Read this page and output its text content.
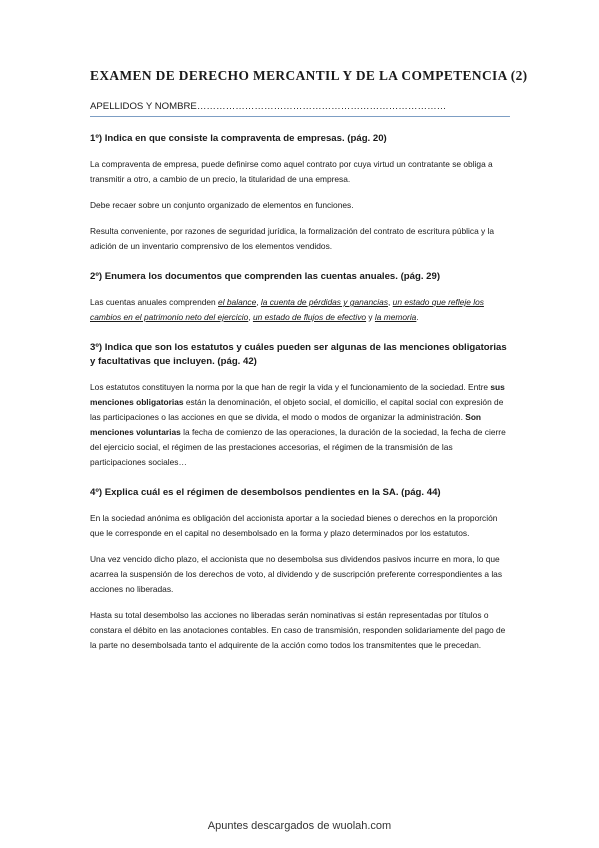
EXAMEN DE DERECHO MERCANTIL Y DE LA COMPETENCIA (2)
APELLIDOS Y NOMBRE……………………………………………………………………
1º) Indica en que consiste la compraventa de empresas. (pág. 20)

La compraventa de empresa, puede definirse como aquel contrato por cuya virtud un contratante se obliga a transmitir a otro, a cambio de un precio, la titularidad de una empresa.

Debe recaer sobre un conjunto organizado de elementos en funciones.

Resulta conveniente, por razones de seguridad jurídica, la formalización del contrato de escritura pública y la adición de un inventario comprensivo de los elementos vendidos.

2º) Enumera los documentos que comprenden las cuentas anuales. (pág. 29)

Las cuentas anuales comprenden el balance, la cuenta de pérdidas y ganancias, un estado que refleje los cambios en el patrimonio neto del ejercicio, un estado de flujos de efectivo y la memoria.

3º) Indica que son los estatutos y cuáles pueden ser algunas de las menciones obligatorias y facultativas que incluyen. (pág. 42)

Los estatutos constituyen la norma por la que han de regir la vida y el funcionamiento de la sociedad. Entre sus menciones obligatorias están la denominación, el objeto social, el domicilio, el capital social con expresión de las participaciones o las acciones en que se divida, el modo o modos de organizar la administración. Son menciones voluntarias la fecha de comienzo de las operaciones, la duración de la sociedad, la fecha de cierre del ejercicio social, el régimen de las prestaciones accesorias, el régimen de la transmisión de las participaciones sociales…

4º) Explica cuál es el régimen de desembolsos pendientes en la SA. (pág. 44)

En la sociedad anónima es obligación del accionista aportar a la sociedad bienes o derechos en la proporción que le corresponde en el capital no desembolsado en la forma y plazo determinados por los estatutos.

Una vez vencido dicho plazo, el accionista que no desembolsa sus dividendos pasivos incurre en mora, lo que acarrea la suspensión de los derechos de voto, al dividendo y de suscripción preferente correspondientes a las acciones no liberadas.

Hasta su total desembolso las acciones no liberadas serán nominativas si están representadas por títulos o constara el débito en las anotaciones contables. En caso de transmisión, responden solidariamente del pago de la parte no desembolsada tanto el adquirente de la acción como todos los transmitentes que le precedan.

Apuntes descargados de wuolah.com
